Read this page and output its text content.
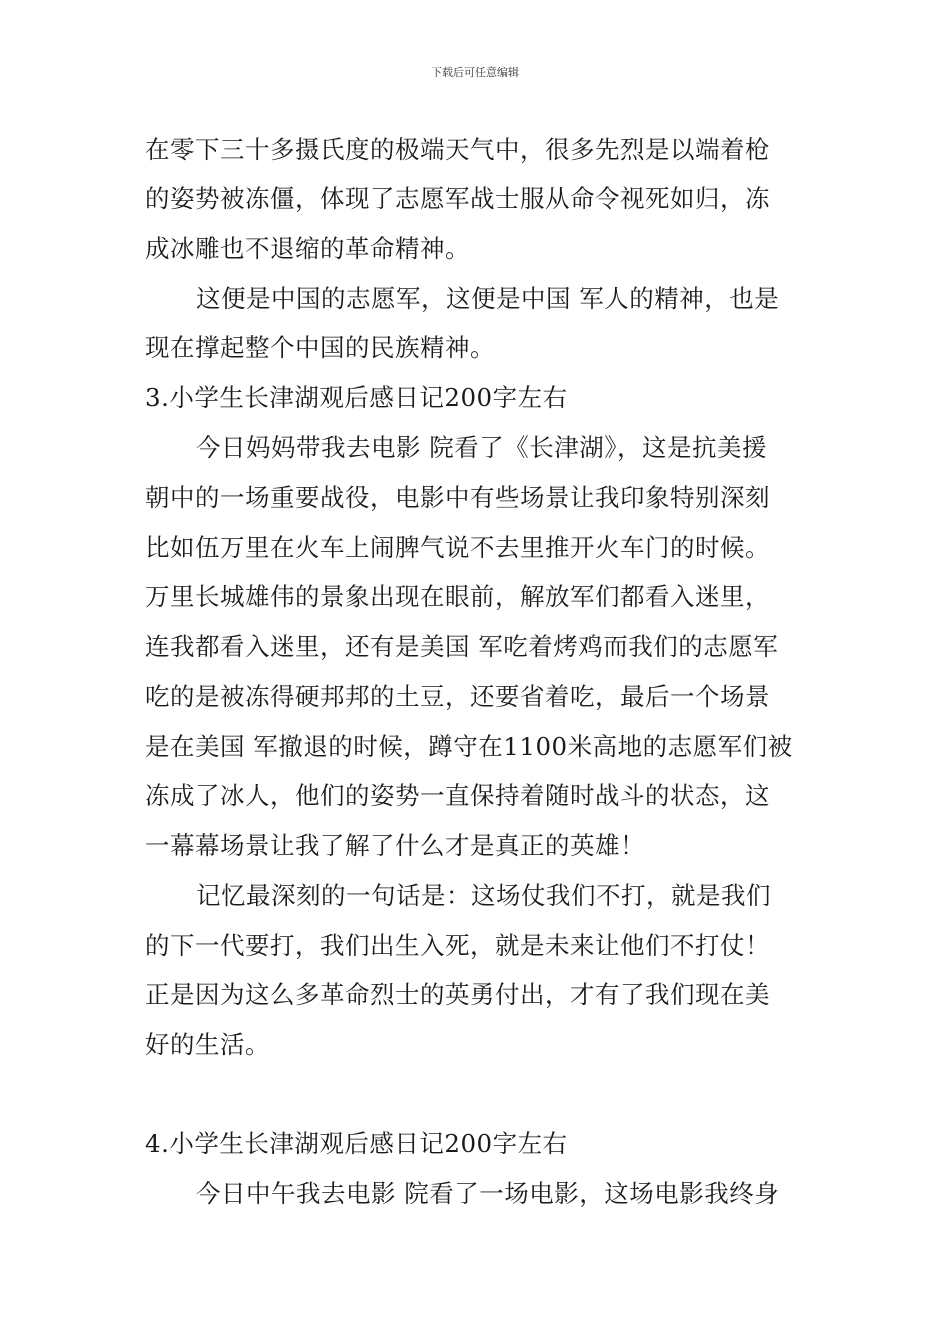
下载后可任意编辑
在零下三十多摄氏度的极端天气中，很多先烈是以端着枪
的姿势被冻僵，体现了志愿军战士服从命令视死如归，冻
成冰雕也不退缩的革命精神。
这便是中国的志愿军，这便是中国 军人的精神，也是
现在撑起整个中国的民族精神。
3.小学生长津湖观后感日记200字左右
今日妈妈带我去电影 院看了《长津湖》，这是抗美援
朝中的一场重要战役，电影中有些场景让我印象特别深刻
比如伍万里在火车上闹脾气说不去里推开火车门的时候。
万里长城雄伟的景象出现在眼前，解放军们都看入迷里，
连我都看入迷里，还有是美国 军吃着烤鸡而我们的志愿军
吃的是被冻得硬邦邦的土豆，还要省着吃，最后一个场景
是在美国 军撤退的时候，蹲守在1100米高地的志愿军们被
冻成了冰人，他们的姿势一直保持着随时战斗的状态，这
一幕幕场景让我了解了什么才是真正的英雄！
记忆最深刻的一句话是：这场仗我们不打，就是我们
的下一代要打，我们出生入死，就是未来让他们不打仗！
正是因为这么多革命烈士的英勇付出，才有了我们现在美
好的生活。
4.小学生长津湖观后感日记200字左右
今日中午我去电影 院看了一场电影，这场电影我终身
